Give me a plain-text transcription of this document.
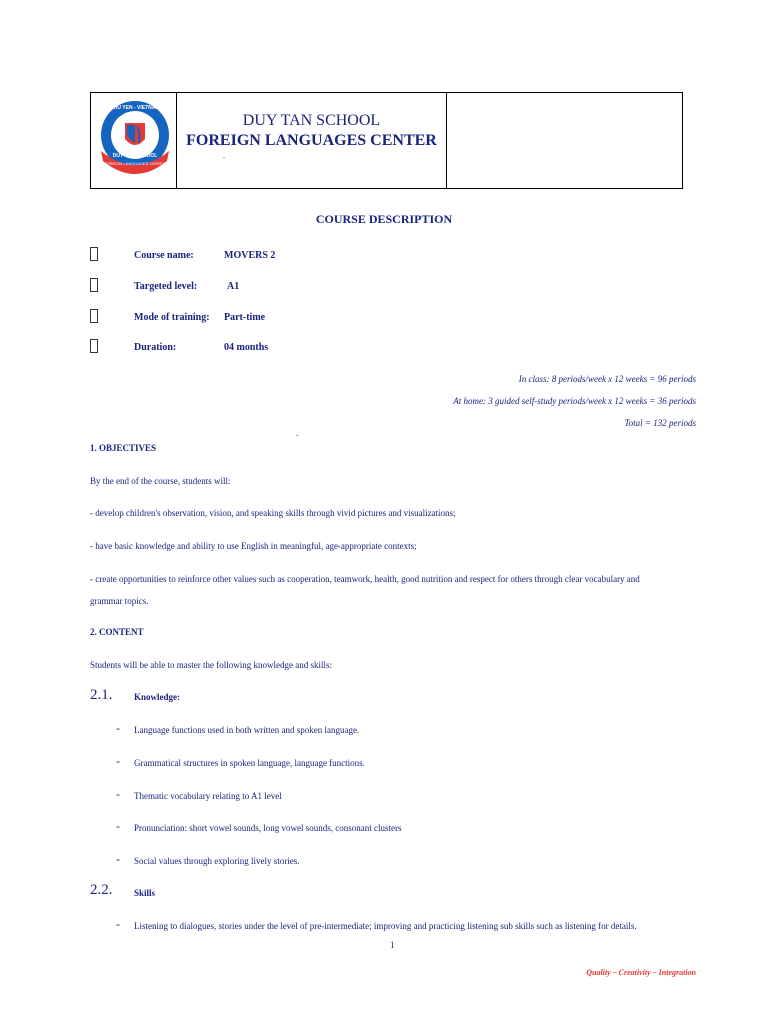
FOREIGN LANGUAGES CENTER
PHU YEN - VIETNAM
DUY TAN SCHOOL
DUY TAN SCHOOL
FOREIGN LANGUAGES CENTER
.
COURSE DESCRIPTION
Course name:	MOVERS 2
Targeted level:	A1
Mode of training: Part-time
Duration:	04 months
In class: 8 periods/week x 12 weeks = 96 periods
At home: 3 guided self-study periods/week x 12 weeks = 36 periods
Total = 132 periods
.
1. OBJECTIVES
By the end of the course, students will:
- develop children's observation, vision, and speaking skills through vivid pictures and visualizations;
- have basic knowledge and ability to use English in meaningful, age-appropriate contexts;
- create opportunities to reinforce other values such as cooperation, teamwork, health, good nutrition and respect for others through clear vocabulary and
grammar topics.
2. CONTENT
Students will be able to master the following knowledge and skills:
2.1. Knowledge:
- Language functions used in both written and spoken language.
- Grammatical structures in spoken language, language functions.
- Thematic vocabulary relating to A1 level
- Pronunciation: short vowel sounds, long vowel sounds, consonant clusters
- Social values through exploring lively stories.
2.2. Skills
- Listening to dialogues, stories under the level of pre-intermediate; improving and practicing listening sub skills such as listening for details.
1
Quality – Creativity – Integration
